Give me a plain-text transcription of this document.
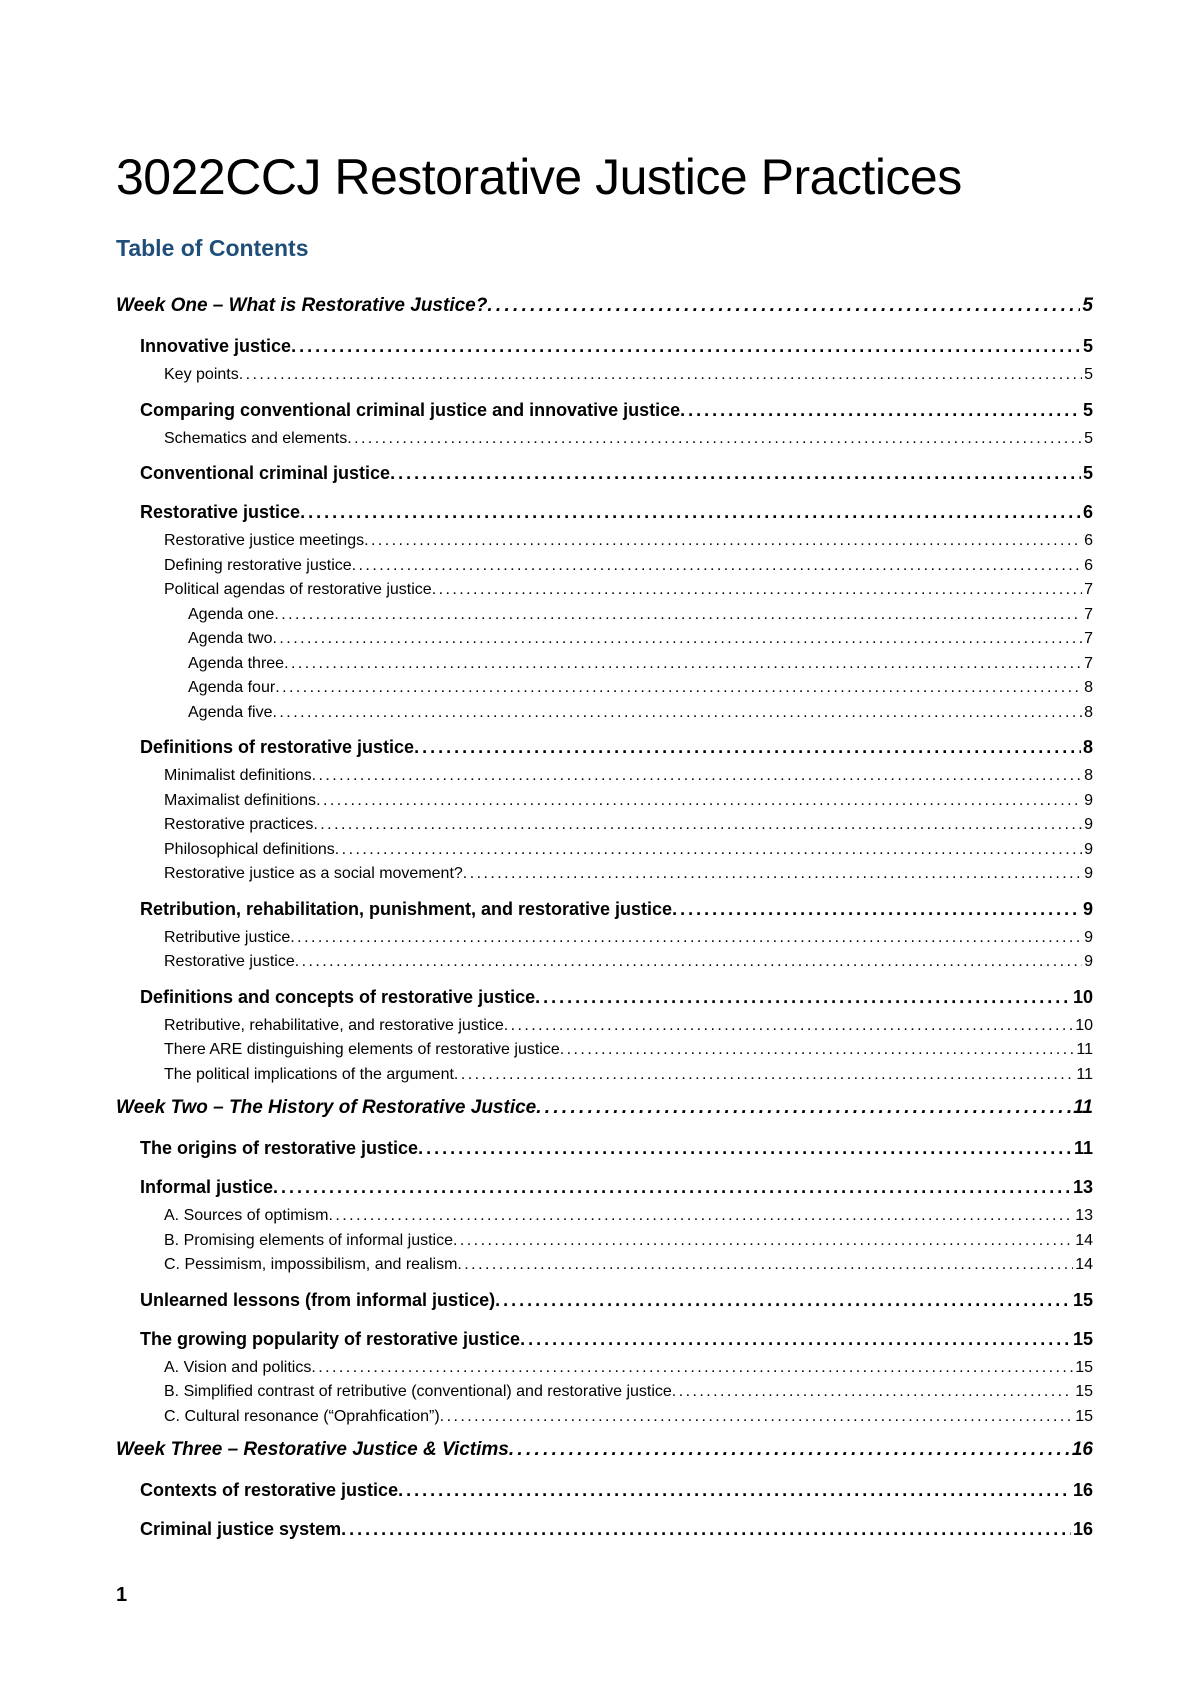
3022CCJ Restorative Justice Practices
Table of Contents
Week One – What is Restorative Justice? . . .	5
Innovative justice . . .	5
Key points . . .	5
Comparing conventional criminal justice and innovative justice . . .	5
Schematics and elements . . .	5
Conventional criminal justice . . .	5
Restorative justice . . .	6
Restorative justice meetings . . .	6
Defining restorative justice . . .	6
Political agendas of restorative justice . . .	7
Agenda one . . .	7
Agenda two . . .	7
Agenda three . . .	7
Agenda four . . .	8
Agenda five . . .	8
Definitions of restorative justice . . .	8
Minimalist definitions . . .	8
Maximalist definitions . . .	9
Restorative practices . . .	9
Philosophical definitions . . .	9
Restorative justice as a social movement? . . .	9
Retribution, rehabilitation, punishment, and restorative justice . . .	9
Retributive justice . . .	9
Restorative justice . . .	9
Definitions and concepts of restorative justice . . .	10
Retributive, rehabilitative, and restorative justice . . .	10
There ARE distinguishing elements of restorative justice . . .	11
The political implications of the argument . . .	11
Week Two – The History of Restorative Justice . . .	11
The origins of restorative justice . . .	11
Informal justice . . .	13
A. Sources of optimism . . .	13
B. Promising elements of informal justice . . .	14
C. Pessimism, impossibilism, and realism . . .	14
Unlearned lessons (from informal justice) . . .	15
The growing popularity of restorative justice . . .	15
A. Vision and politics . . .	15
B. Simplified contrast of retributive (conventional) and restorative justice . . .	15
C. Cultural resonance (“Oprahfication”) . . .	15
Week Three – Restorative Justice & Victims . . .	16
Contexts of restorative justice . . .	16
Criminal justice system . . .	16
1
